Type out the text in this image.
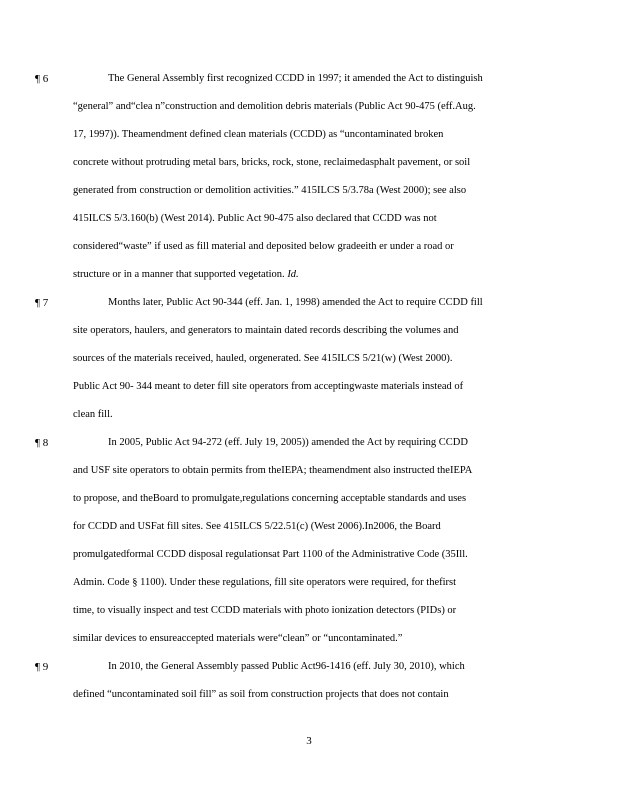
¶ 6	The General Assembly first recognized CCDD in 1997; it amended the Act to distinguish
“general” and“clea n”construction and demolition debris materials (Public Act 90-475 (eff.Aug.
17, 1997)). Theamendment defined clean materials (CCDD) as “uncontaminated broken
concrete without protruding metal bars, bricks, rock, stone, reclaimedasphalt pavement, or soil
generated from construction or demolition activities.” 415ILCS 5/3.78a (West 2000); see also
415ILCS 5/3.160(b) (West 2014). Public Act 90-475 also declared that CCDD was not
considered“waste” if used as fill material and deposited below gradeeith er under a road or
structure or in a manner that supported vegetation. Id.
¶ 7	Months later, Public Act 90-344 (eff. Jan. 1, 1998) amended the Act to require CCDD fill
site operators, haulers, and generators to maintain dated records describing the volumes and
sources of the materials received, hauled, orgenerated. See 415ILCS 5/21(w) (West 2000).
Public Act 90- 344 meant to deter fill site operators from acceptingwaste materials instead of
clean fill.
¶ 8	In 2005, Public Act 94-272 (eff. July 19, 2005)) amended the Act by requiring CCDD
and USF site operators to obtain permits from theIEPA; theamendment also instructed theIEPA
to propose, and theBoard to promulgate,regulations concerning acceptable standards and uses
for CCDD and USFat fill sites. See 415ILCS 5/22.51(c) (West 2006).In2006, the Board
promulgatedformal CCDD disposal regulationsat Part 1100 of the Administrative Code (35Ill.
Admin. Code § 1100). Under these regulations, fill site operators were required, for thefirst
time, to visually inspect and test CCDD materials with photo ionization detectors (PIDs) or
similar devices to ensureaccepted materials were“clean” or “uncontaminated.”
¶ 9	In 2010, the General Assembly passed Public Act96-1416 (eff. July 30, 2010), which
defined “uncontaminated soil fill” as soil from construction projects that does not contain
3
